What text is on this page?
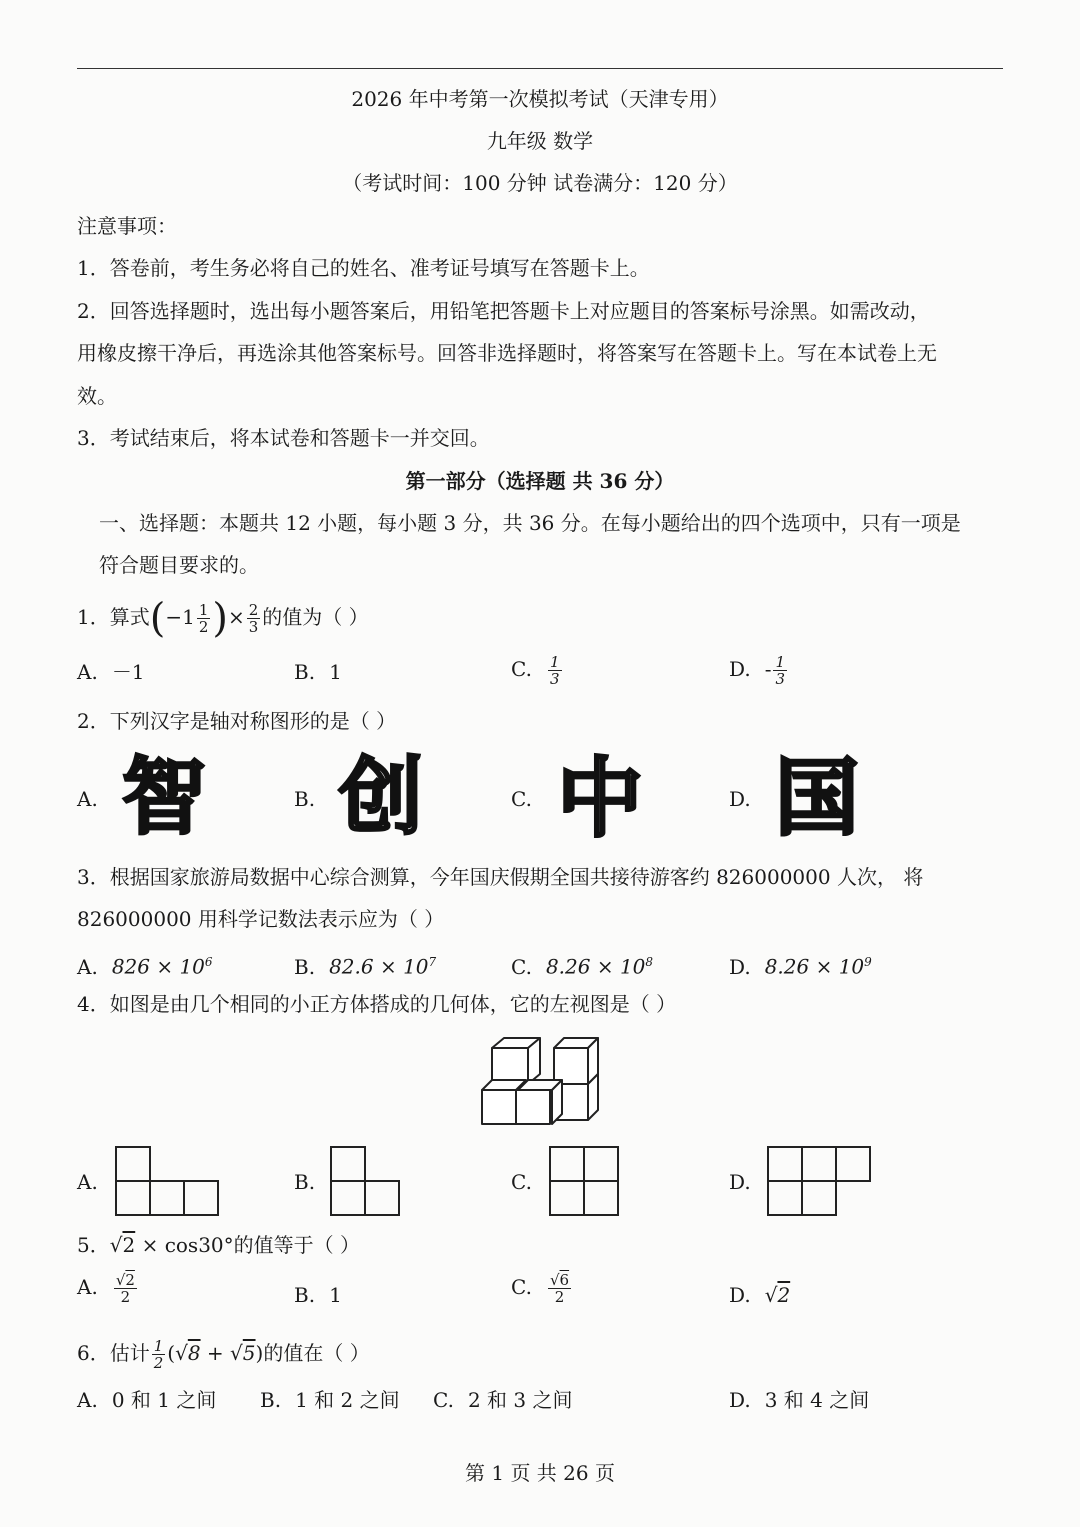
2026 年中考第一次模拟考试（天津专用）
九年级 数学
（考试时间：100 分钟 试卷满分：120 分）
注意事项：
1．答卷前，考生务必将自己的姓名、准考证号填写在答题卡上。
2．回答选择题时，选出每小题答案后，用铅笔把答题卡上对应题目的答案标号涂黑。如需改动，
用橡皮擦干净后，再选涂其他答案标号。回答非选择题时，将答案写在答题卡上。写在本试卷上无
效。
3．考试结束后，将本试卷和答题卡一并交回。
第一部分（选择题 共 36 分）
一、选择题：本题共 12 小题，每小题 3 分，共 36 分。在每小题给出的四个选项中，只有一项是
符合题目要求的。
1．算式($-1 \frac{1}{2}$ )× $\frac{2}{3}$ 的值为（ ）
A. －1	B. 1	C. $\frac{1}{3}$	D. - $\frac{1}{3}$
2．下列汉字是轴对称图形的是（ ）
A. 智	B. 创	C. 中	D. 国
3．根据国家旅游局数据中心综合测算，今年国庆假期全国共接待游客约 826000000 人次， 将
826000000 用科学记数法表示应为（ ）
A. $826 \times 10^6$	B. $82.6 \times 10^7$	C. $8.26 \times 10^8$	D. $8.26 \times 10^9$
4．如图是由几个相同的小正方体搭成的几何体，它的左视图是（ ）
A.	B.	C.	D.
5．√2 × cos30°的值等于（ ）
A. $\frac{√2}{2}$	B. 1	C. $\frac{√6}{2}$	D. √2
6．估计 $\frac{1}{2} (√8 + √5)$的值在（ ）
A. 0 和 1 之间 B. 1 和 2 之间 C. 2 和 3 之间	D. 3 和 4 之间
第 1 页 共 26 页
